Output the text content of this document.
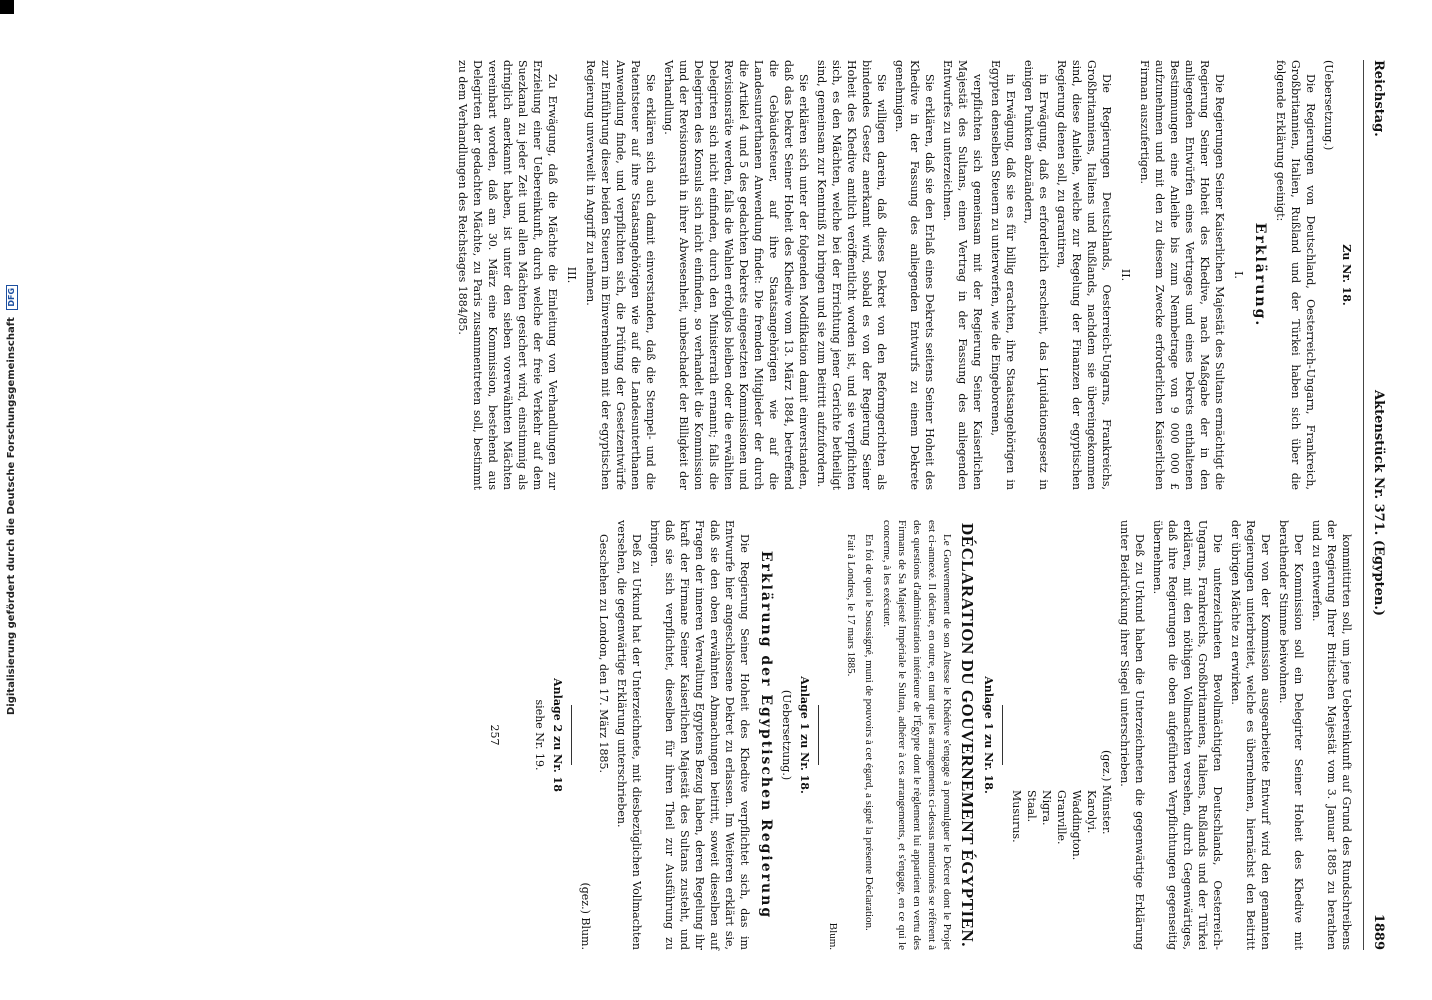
Reichstag.
Aktenstück Nr. 371. (Egypten.)
1889

kommittirten soll, um jene Uebereinkunft auf Grund des Rundschreibens der Regierung Ihrer Britischen Majestät vom 3. Januar 1885 zu berathen und zu entwerfen.

Der Kommission soll ein Delegirter Seiner Hoheit des Khedive mit berathender Stimme beiwohnen.

Der von der Kommission ausgearbeitete Entwurf wird den genannten Regierungen unterbreitet, welche es übernehmen, hiernächst den Beitritt der übrigen Mächte zu erwirken.

Die unterzeichneten Bevollmächtigten Deutschlands, Oesterreich-Ungarns, Frankreichs, Großbritanniens, Italiens, Rußlands und der Türkei erklären, mit den nöthigen Vollmachten versehen, durch Gegenwärtiges, daß ihre Regierungen die oben aufgeführten Verpflichtungen gegenseitig übernehmen.

Deß zu Urkund haben die Unterzeichneten die gegenwärtige Erklärung unter Beidrückung ihrer Siegel unterschrieben.

(gez.) Münster.
Karolyi.
Waddington.
Granville.
Nigra.
Staal.
Musurus.

Anlage 1 zu Nr. 18.

DÉCLARATION DU GOUVERNEMENT ÉGYPTIEN.

Le Gouvernement de son Altesse le Khédive s'engage à promulguer le Décret dont le Projet est ci-annexé. Il déclare, en outre, en tant que les arrangements ci-dessus mentionnés se réfèrent à des questions d'administration intérieure de l'Égypte dont le règlement lui appartient en vertu des Firmans de Sa Majesté Impériale le Sultan, adhérer à ces arrangements, et s'engage, en ce qui le concerne, à les exécuter.

En foi de quoi le Soussigné, muni de pouvoirs à cet égard, a signé la présente Déclaration.

Fait à Londres, le 17 mars 1885.

Blum.

Anlage 1 zu Nr. 18.

(Uebersetzung.)

Erklärung der Egyptischen Regierung

Die Regierung Seiner Hoheit des Khedive verpflichtet sich, das im Entwurfe hier angeschlossene Dekret zu erlassen. Im Weiteren erklärt sie, daß sie den oben erwähnten Abmachungen beitritt, soweit dieselben auf Fragen der inneren Verwaltung Egyptens Bezug haben, deren Regelung ihr kraft der Firmane Seiner Kaiserlichen Majestät des Sultans zusteht, und daß sie sich verpflichtet, dieselben für ihren Theil zur Ausführung zu bringen.

Deß zu Urkund hat der Unterzeichnete, mit diesbezüglichen Vollmachten versehen, die gegenwärtige Erklärung unterschrieben.

Geschehen zu London, den 17. März 1885.

(gez.) Blum.

Anlage 2 zu Nr. 18

siehe Nr. 19.

257

Zu Nr. 18.

(Uebersetzung.)

Die Regierungen von Deutschland, Oesterreich-Ungarn, Frankreich, Großbritannien, Italien, Rußland und der Türkei haben sich über die folgende Erklärung geeinigt:

Erklärung.

I.

Die Regierungen Seiner Kaiserlichen Majestät des Sultans ermächtigt die Regierung Seiner Hoheit des Khedive, nach Maßgabe der in den anliegenden Entwürfen eines Vertrages und eines Dekrets enthaltenen Bestimmungen eine Anleihe bis zum Nennbetrage von 9 000 000 £ aufzunehmen und mit den zu diesem Zwecke erforderlichen Kaiserlichen Firman auszufertigen.

II.

Die Regierungen Deutschlands, Oesterreich-Ungarns, Frankreichs, Großbritanniens, Italiens und Rußlands, nachdem sie übereingekommen sind, diese Anleihe, welche zur Regelung der Finanzen der egyptischen Regierung dienen soll, zu garantiren,

in Erwägung, daß es erforderlich erscheint, das Liquidationsgesetz in einigen Punkten abzuändern,

in Erwägung, daß sie es für billig erachten, ihre Staatsangehörigen in Egypten denselben Steuern zu unterwerfen, wie die Eingeborenen,

verpflichten sich gemeinsam mit der Regierung Seiner Kaiserlichen Majestät des Sultans, einen Vertrag in der Fassung des anliegenden Entwurfes zu unterzeichnen.

Sie erklären, daß sie den Erlaß eines Dekrets seitens Seiner Hoheit des Khedive in der Fassung des anliegenden Entwurfs zu einem Dekrete genehmigen.

Sie willigen darein, daß dieses Dekret von den Reformgerichten als bindendes Gesetz anerkannt wird, sobald es von der Regierung Seiner Hoheit des Khedive amtlich veröffentlicht worden ist, und sie verpflichten sich, es den Mächten, welche bei der Errichtung jener Gerichte betheiligt sind, gemeinsam zur Kenntniß zu bringen und sie zum Beitritt aufzufordern.

Sie erklären sich unter der folgenden Modifikation damit einverstanden, daß das Dekret Seiner Hoheit des Khedive vom 13. März 1884, betreffend die Gebäudesteuer, auf ihre Staatsangehörigen wie auf die Landesunterthanen Anwendung findet: Die fremden Mitglieder der durch die Artikel 4 und 5 des gedachten Dekrets eingesetzten Kommissionen und Revisionsräte werden, falls die Wahlen erfolglos bleiben oder die erwählten Delegirten sich nicht einfinden, durch den Ministerrath ernannt; falls die Delegirten des Konsuls sich nicht einfinden, so verhandelt die Kommission und der Revisionsrath in ihrer Abwesenheit, unbeschadet der Billigkeit der Verhandlung.

Sie erklären sich auch damit einverstanden, daß die Stempel- und die Patentsteuer auf ihre Staatsangehörigen wie auf die Landesunterthanen Anwendung finde, und verpflichten sich, die Prüfung der Gesetzentwürfe zur Einführung dieser beiden Steuern im Einvernehmen mit der egyptischen Regierung unverweilt in Angriff zu nehmen.

III.

Zu Erwägung, daß die Mächte die Einleitung von Verhandlungen zur Erzielung einer Uebereinkunft, durch welche der freie Verkehr auf dem Suezkanal zu jeder Zeit und allen Mächten gesichert wird, einstimmig als dringlich anerkannt haben, ist unter den sieben vorerwähnten Mächten vereinbart worden, daß am 30. März eine Kommission, bestehend aus Delegirten der gedachten Mächte, zu Paris zusammentreten soll, bestimmt zu dem Verhandlungen des Reichstages 1884/85.

Digitalisierung gefördert durch die Deutsche Forschungsgemeinschaft DFG
